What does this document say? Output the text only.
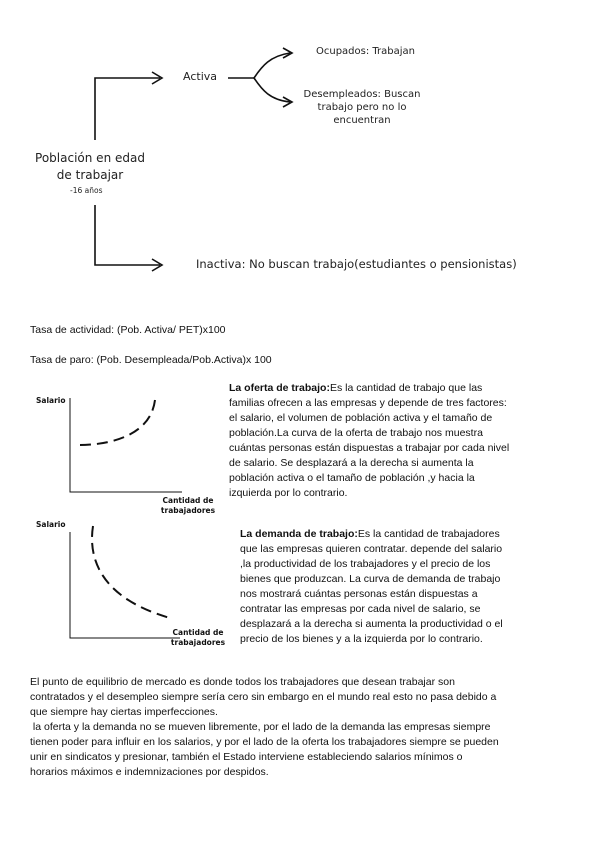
Población en edad
de trabajar
-16 años
Activa
Ocupados: Trabajan
Desempleados: Buscan
trabajo pero no lo
encuentran
Inactiva: No buscan trabajo(estudiantes o pensionistas)
Tasa de actividad: (Pob. Activa/ PET)x100
Tasa de paro: (Pob. Desempleada/Pob.Activa)x 100
Salario
Cantidad de
trabajadores
La oferta de trabajo:Es la cantidad de trabajo que las
familias ofrecen a las empresas y depende de tres factores:
el salario, el volumen de población activa y el tamaño de
población.La curva de la oferta de trabajo nos muestra
cuántas personas están dispuestas a trabajar por cada nivel
de salario. Se desplazará a la derecha si aumenta la
población activa o el tamaño de población ,y hacia la
izquierda por lo contrario.
Salario
Cantidad de
trabajadores
La demanda de trabajo:Es la cantidad de trabajadores
que las empresas quieren contratar. depende del salario
,la productividad de los trabajadores y el precio de los
bienes que produzcan. La curva de demanda de trabajo
nos mostrará cuántas personas están dispuestas a
contratar las empresas por cada nivel de salario, se
desplazará a la derecha si aumenta la productividad o el
precio de los bienes y a la izquierda por lo contrario.
El punto de equilibrio de mercado es donde todos los trabajadores que desean trabajar son
contratados y el desempleo siempre sería cero sin embargo en el mundo real esto no pasa debido a
que siempre hay ciertas imperfecciones.
la oferta y la demanda no se mueven libremente, por el lado de la demanda las empresas siempre
tienen poder para influir en los salarios, y por el lado de la oferta los trabajadores siempre se pueden
unir en sindicatos y presionar, también el Estado interviene estableciendo salarios mínimos o
horarios máximos e indemnizaciones por despidos.
